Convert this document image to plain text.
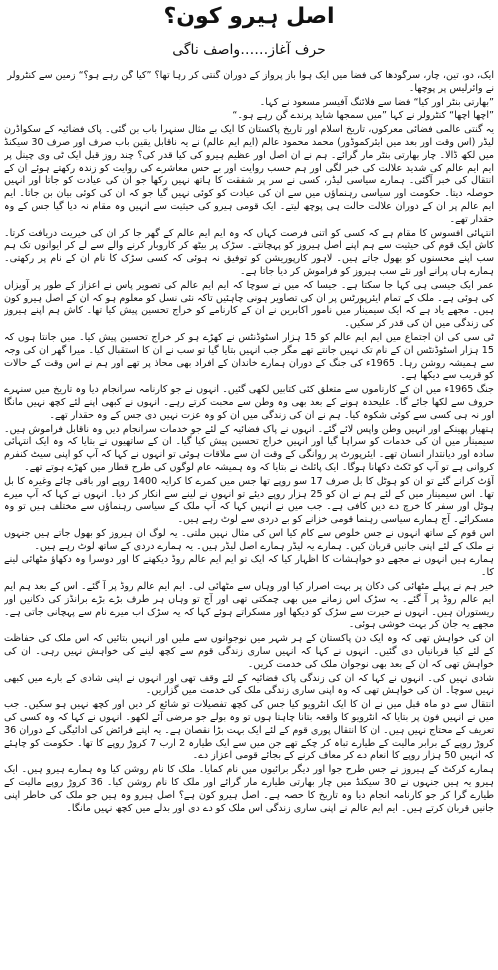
اصل ہیرو کون؟
حرف آغاز……واصف ناگی

ایک، دو، تین، چار، سرگودھا کی فضا میں ایک ہوا باز پرواز کے دوران گنتی کر رہا تھا؟ ”کیا گن رہے ہو؟“ زمین سے کنٹرولر نے وائرلیس پر پوچھا۔

”بھارتی بنٹر اور کیا“ فضا سے فلائنگ آفیسر مسعود نے کہا۔

”اچھا اچھا“ کنٹرولر نے کہا ”میں سمجھا شاید پرندے گن رہے ہو۔“

یہ گنتی عالمی فضائی معرکوں، تاریخ اسلام اور تاریخ پاکستان کا ایک بے مثال سنہرا باب بن گئی۔ پاک فضائیہ کے سکواڈرن لیڈر (اس وقت اور بعد میں ایئرکموڈور) محمد محمود عالم (ایم ایم عالم) نے یہ ناقابل یقین باب صرف اور صرف 30 سیکنڈ میں لکھ ڈالا۔ چار بھارتی بنٹر مار گرائے۔ ہم نے ان اصل اور عظیم ہیرو کی کیا قدر کی؟ چند روز قبل ایک ٹی وی چینل پر ایم ایم عالم کی شدید علالت کی خبر لگی اور ہم حسب روایت اور بے حس معاشرے کی روایت کو زندہ رکھتے ہوئے ان کے انتقال کی خبر آگئی۔ ہمارے سیاسی لیڈر، کسی نے سر پر شفقت کا ہاتھ نہیں رکھا جو ان کی عیادت کو جاتا اور انہیں حوصلہ دیتا۔ حکومت اور سیاسی رہنماؤں میں سے ان کی عیادت کو کوئی نہیں گیا جو کہ ان کی کوئی بیان بن جاتا۔ ایم ایم عالم پر ان کے دوران علالت حالت ہی پوچھ لیتے۔ ایک قومی ہیرو کی حیثیت سے انہیں وہ مقام نہ دیا گیا جس کے وہ حقدار تھے۔

انتہائی افسوس کا مقام ہے کہ کسی کو اتنی فرصت کہاں کہ وہ ایم ایم عالم کے گھر جا کر ان کی خیریت دریافت کرتا۔ کاش ایک قوم کی حیثیت سے ہم اپنے اصل ہیروز کو پہچانتے۔ سڑک پر بیٹھ کر کاروبار کرنے والے سے لے کر ایوانوں تک ہم سب اپنے محسنوں کو بھول جاتے ہیں۔ لاہور کارپوریشن کو توفیق نہ ہوئی کہ کسی سڑک کا نام ان کے نام پر رکھتی۔ ہمارے ہاں پرانے اور نئے سب ہیروز کو فراموش کر دیا جاتا ہے۔

عمر ایک جیسی ہی کہا جا سکتا ہے۔ جیسا کہ میں نے سوچا کہ ایم ایم عالم کی تصویر پاس نے اعزاز کے طور پر آویزاں کی ہوئی ہے۔ ملک کے تمام ایئرپورٹس پر ان کی تصاویر ہونی چاہئیں تاکہ نئی نسل کو معلوم ہو کہ ان کے اصل ہیرو کون ہیں۔ مجھے یاد ہے کہ ایک سیمینار میں نامور اکابرین نے ان کے کارنامے کو خراج تحسین پیش کیا تھا۔ کاش ہم اپنے ہیروز کی زندگی میں ان کی قدر کر سکیں۔

ٹی سی کی ان اجتماع میں ایم ایم عالم کو 15 ہزار اسٹوڈنٹس نے کھڑے ہو کر خراج تحسین پیش کیا۔ میں جانتا ہوں کہ 15 ہزار اسٹوڈنٹس ان کے نام تک نہیں جانتے تھے مگر جب انہیں بتایا گیا تو سب نے ان کا استقبال کیا۔ میرا گھر ان کی وجہ سے ہمیشہ روشن رہا۔ 1965ء کی جنگ کے دوران ہمارے خاندان کے افراد بھی محاذ پر تھے اور ہم نے اس وقت کے حالات کو قریب سے دیکھا ہے۔

جنگ 1965ء میں ان کے کارناموں سے متعلق کئی کتابیں لکھی گئیں۔ انہوں نے جو کارنامہ سرانجام دیا وہ تاریخ میں سنہرے حروف سے لکھا جائے گا۔ علیحدہ ہونے کے بعد بھی وہ وطن سے محبت کرتے رہے۔ انہوں نے کبھی اپنے لئے کچھ نہیں مانگا اور نہ ہی کسی سے کوئی شکوہ کیا۔ ہم نے ان کی زندگی میں ان کو وہ عزت نہیں دی جس کے وہ حقدار تھے۔

ہتھیار پھینکے اور انہیں وطن واپس لائے گئے۔ انہوں نے پاک فضائیہ کے لئے جو خدمات سرانجام دیں وہ ناقابل فراموش ہیں۔ سیمینار میں ان کی خدمات کو سراہا گیا اور انہیں خراج تحسین پیش کیا گیا۔ ان کے ساتھیوں نے بتایا کہ وہ ایک انتہائی سادہ اور دیانتدار انسان تھے۔ ایئرپورٹ پر روانگی کے وقت ان سے ملاقات ہوئی تو انہوں نے کہا کہ آپ کو اپنی سیٹ کنفرم کروانی ہے تو آپ کو ٹکٹ دکھانا ہوگا۔ ایک پائلٹ نے بتایا کہ وہ ہمیشہ عام لوگوں کی طرح قطار میں کھڑے ہوتے تھے۔

آؤٹ کرانے گئے تو ان کو ہوٹل کا بل صرف 17 سو روپے تھا جس میں کمرے کا کرایہ 1400 روپے اور باقی چائے وغیرہ کا بل تھا۔ اس سیمینار میں کے لئے ہم نے ان کو 25 ہزار روپے دیئے تو انہوں نے لینے سے انکار کر دیا۔ انہوں نے کہا کہ آپ میرے ہوٹل اور سفر کا خرچ دے دیں کافی ہے۔ جب میں نے انہیں کہا کہ آپ ملک کے سیاسی رہنماؤں سے مختلف ہیں تو وہ مسکرائے۔ آج ہمارے سیاسی رہنما قومی خزانے کو بے دردی سے لوٹ رہے ہیں۔

اس قوم کے ساتھ انہوں نے جس خلوص سے کام کیا اس کی مثال نہیں ملتی۔ یہ لوگ ان ہیروز کو بھول جاتے ہیں جنہوں نے ملک کے لئے اپنی جانیں قربان کیں۔ ہمارے یہ لیڈر ہمارے اصل لیڈر ہیں۔ یہ ہمارے دردی کے ساتھ لوٹ رہے ہیں۔

ہمارے ہیں انہوں نے مجھے دو خواہشات کا اظہار کیا کہ ایک تو ایم ایم عالم روڈ دیکھنے کا اور دوسرا وہ دکھاؤ مٹھائی لینے کا۔

خیر ہم نے پہلے مٹھائی کی دکان پر بہت اصرار کیا اور وہاں سے مٹھائی لی۔ ایم ایم عالم روڈ پر آ گئے۔ اس کے بعد ہم ایم ایم عالم روڈ پر آ گئے۔ یہ سڑک اس زمانے میں بھی چمکتی تھی اور آج تو وہاں ہر طرف بڑے بڑے برانڈز کی دکانیں اور ریستوران ہیں۔ انہوں نے حیرت سے سڑک کو دیکھا اور مسکراتے ہوئے کہا کہ یہ سڑک اب میرے نام سے پہچانی جاتی ہے۔ مجھے یہ جان کر بہت خوشی ہوئی۔

ان کی خواہش تھی کہ وہ ایک دن پاکستان کے ہر شہر میں نوجوانوں سے ملیں اور انہیں بتائیں کہ اس ملک کی حفاظت کے لئے کیا قربانیاں دی گئیں۔ انہوں نے کہا کہ انہیں ساری زندگی قوم سے کچھ لینے کی خواہش نہیں رہی۔ ان کی خواہش تھی کہ ان کے بعد بھی نوجوان ملک کی خدمت کریں۔

شادی نہیں کی۔ انہوں نے کہا کہ ان کی زندگی پاک فضائیہ کے لئے وقف تھی اور انہوں نے اپنی شادی کے بارے میں کبھی نہیں سوچا۔ ان کی خواہش تھی کہ وہ اپنی ساری زندگی ملک کی خدمت میں گزاریں۔

انتقال سے دو ماہ قبل میں نے ان کا ایک انٹرویو کیا جس کی کچھ تفصیلات تو شائع کر دیں اور کچھ نہیں ہو سکیں۔ جب میں نے انہیں فون پر بتایا کہ انٹرویو کا واقعہ بتانا چاہتا ہوں تو وہ بولے جو مرضی آئے لکھو۔ انہوں نے کہا کہ وہ کسی کی تعریف کے محتاج نہیں ہیں۔ ان کا انتقال پوری قوم کے لئے ایک بہت بڑا نقصان ہے۔ یہ اپنے فرائض کی ادائیگی کے دوران 36 کروڑ روپے کے برابر مالیت کے طیارے تباہ کر چکے تھے جن میں سے ایک طیارہ 2 ارب 7 کروڑ روپے کا تھا۔ حکومت کو چاہئے کہ انہیں 50 ہزار روپے کا انعام دے کر معاف کرنے کے بجائے قومی اعزاز دے۔

ہمارے کرکٹ کے ہیروز نے جس طرح جوا اور دیگر برائیوں میں نام کمایا۔ ملک کا نام روشن کیا وہ ہمارے ہیرو ہیں۔ ایک ہیرو یہ ہیں جنہوں نے 30 سیکنڈ میں چار بھارتی طیارے مار گرائے اور ملک کا نام روشن کیا۔ 36 کروڑ روپے مالیت کے طیارے گرا کر جو کارنامہ انجام دیا وہ تاریخ کا حصہ ہے۔ اصل ہیرو کون ہے؟ اصل ہیرو وہ ہیں جو ملک کی خاطر اپنی جانیں قربان کرتے ہیں۔ ایم ایم عالم نے اپنی ساری زندگی اس ملک کو دے دی اور بدلے میں کچھ نہیں مانگا۔
